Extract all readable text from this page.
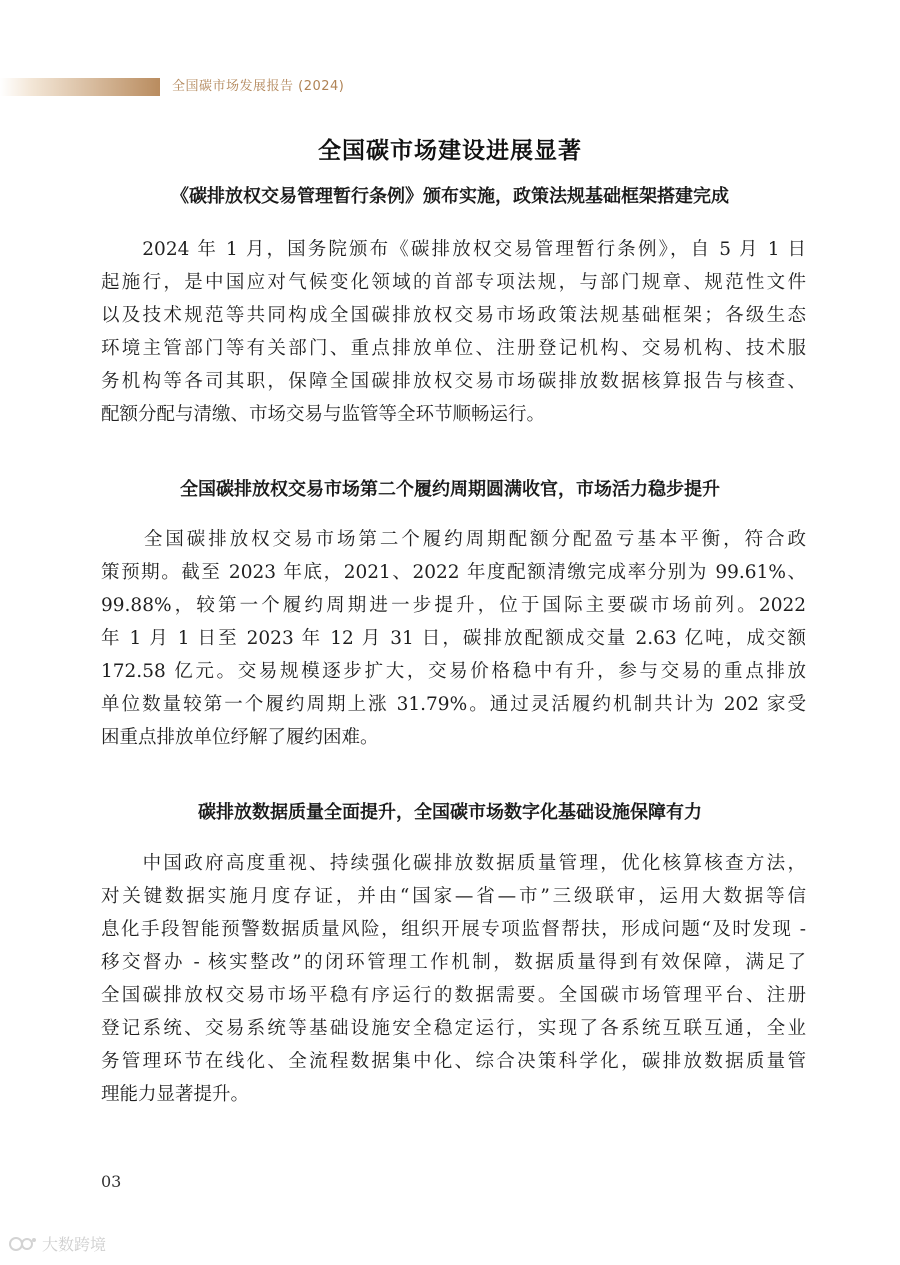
全国碳市场发展报告 (2024)
全国碳市场建设进展显著
《碳排放权交易管理暂行条例》颁布实施，政策法规基础框架搭建完成
　　2024 年 1 月，国务院颁布《碳排放权交易管理暂行条例》，自 5 月 1 日
起施行，是中国应对气候变化领域的首部专项法规，与部门规章、规范性文件
以及技术规范等共同构成全国碳排放权交易市场政策法规基础框架；各级生态
环境主管部门等有关部门、重点排放单位、注册登记机构、交易机构、技术服
务机构等各司其职，保障全国碳排放权交易市场碳排放数据核算报告与核查、
配额分配与清缴、市场交易与监管等全环节顺畅运行。
全国碳排放权交易市场第二个履约周期圆满收官，市场活力稳步提升
　　全国碳排放权交易市场第二个履约周期配额分配盈亏基本平衡，符合政
策预期。截至 2023 年底，2021、2022 年度配额清缴完成率分别为 99.61%、
99.88%，较第一个履约周期进一步提升，位于国际主要碳市场前列。2022
年 1 月 1 日至 2023 年 12 月 31 日，碳排放配额成交量 2.63 亿吨，成交额
172.58 亿元。交易规模逐步扩大，交易价格稳中有升，参与交易的重点排放
单位数量较第一个履约周期上涨 31.79%。通过灵活履约机制共计为 202 家受
困重点排放单位纾解了履约困难。
碳排放数据质量全面提升，全国碳市场数字化基础设施保障有力
　　中国政府高度重视、持续强化碳排放数据质量管理，优化核算核查方法，
对关键数据实施月度存证，并由“国家—省—市”三级联审，运用大数据等信
息化手段智能预警数据质量风险，组织开展专项监督帮扶，形成问题“及时发现 -
移交督办 - 核实整改”的闭环管理工作机制，数据质量得到有效保障，满足了
全国碳排放权交易市场平稳有序运行的数据需要。全国碳市场管理平台、注册
登记系统、交易系统等基础设施安全稳定运行，实现了各系统互联互通，全业
务管理环节在线化、全流程数据集中化、综合决策科学化，碳排放数据质量管
理能力显著提升。
03
大数跨境
